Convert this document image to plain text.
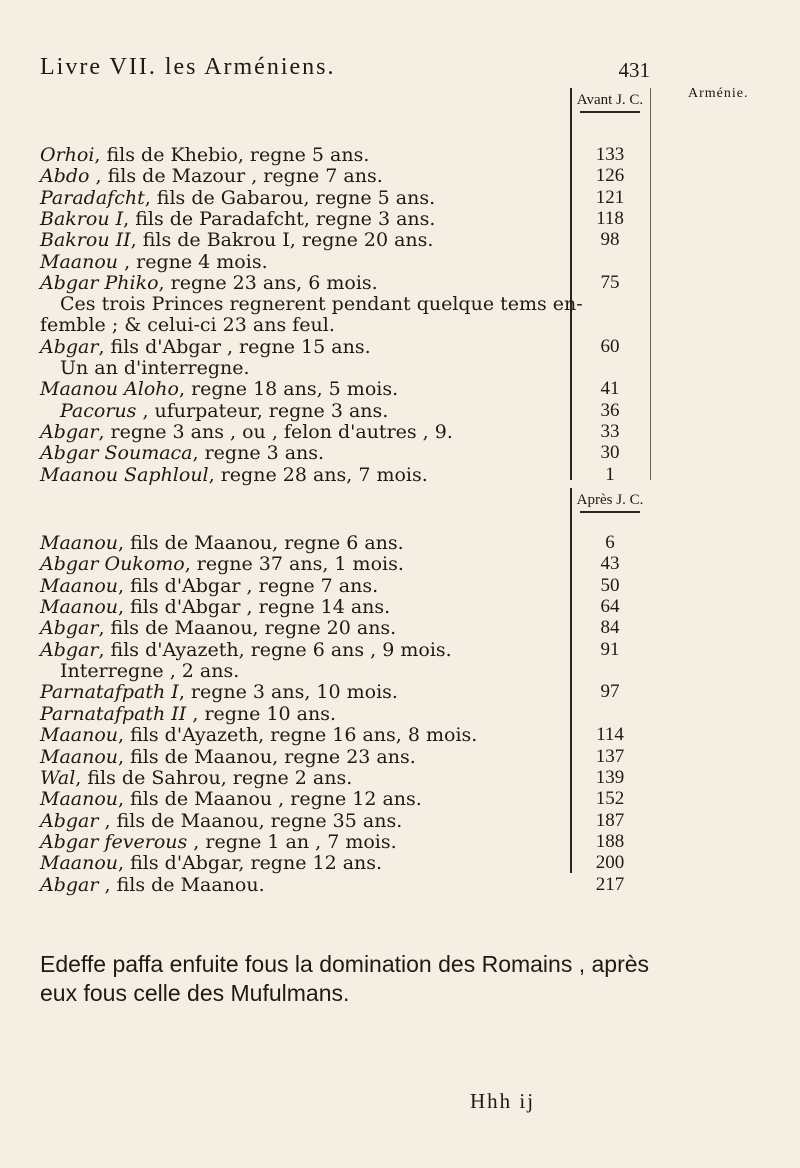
Livre VII. les Arméniens.	431
Arménie.
Avant J. C.
Après J. C.
Orhoi, fils de Khebio, regne 5 ans.	133
Abdo , fils de Mazour , regne 7 ans.	126
Paradafcht, fils de Gabarou, regne 5 ans.	121
Bakrou I, fils de Paradafcht, regne 3 ans.	118
Bakrou II, fils de Bakrou I, regne 20 ans.	98
Maanou , regne 4 mois.
Abgar Phiko, regne 23 ans, 6 mois.	75
Ces trois Princes regnerent pendant quelque tems en-
femble ; & celui-ci 23 ans feul.
Abgar, fils d'Abgar , regne 15 ans.	60
Un an d'interregne.
Maanou Aloho, regne 18 ans, 5 mois.	41
Pacorus , ufurpateur, regne 3 ans.	36
Abgar, regne 3 ans , ou , felon d'autres , 9.	33
Abgar Soumaca, regne 3 ans.	30
Maanou Saphloul, regne 28 ans, 7 mois.	1
Maanou, fils de Maanou, regne 6 ans.	6
Abgar Oukomo, regne 37 ans, 1 mois.	43
Maanou, fils d'Abgar , regne 7 ans.	50
Maanou, fils d'Abgar , regne 14 ans.	64
Abgar, fils de Maanou, regne 20 ans.	84
Abgar, fils d'Ayazeth, regne 6 ans , 9 mois.	91
Interregne , 2 ans.
Parnatafpath I, regne 3 ans, 10 mois.	97
Parnatafpath II , regne 10 ans.
Maanou, fils d'Ayazeth, regne 16 ans, 8 mois.	114
Maanou, fils de Maanou, regne 23 ans.	137
Wal, fils de Sahrou, regne 2 ans.	139
Maanou, fils de Maanou , regne 12 ans.	152
Abgar , fils de Maanou, regne 35 ans.	187
Abgar feverous , regne 1 an , 7 mois.	188
Maanou, fils d'Abgar, regne 12 ans.	200
Abgar , fils de Maanou.	217
Edeffe paffa enfuite fous la domination des Romains , après eux fous celle des Mufulmans.
Hhh ij
